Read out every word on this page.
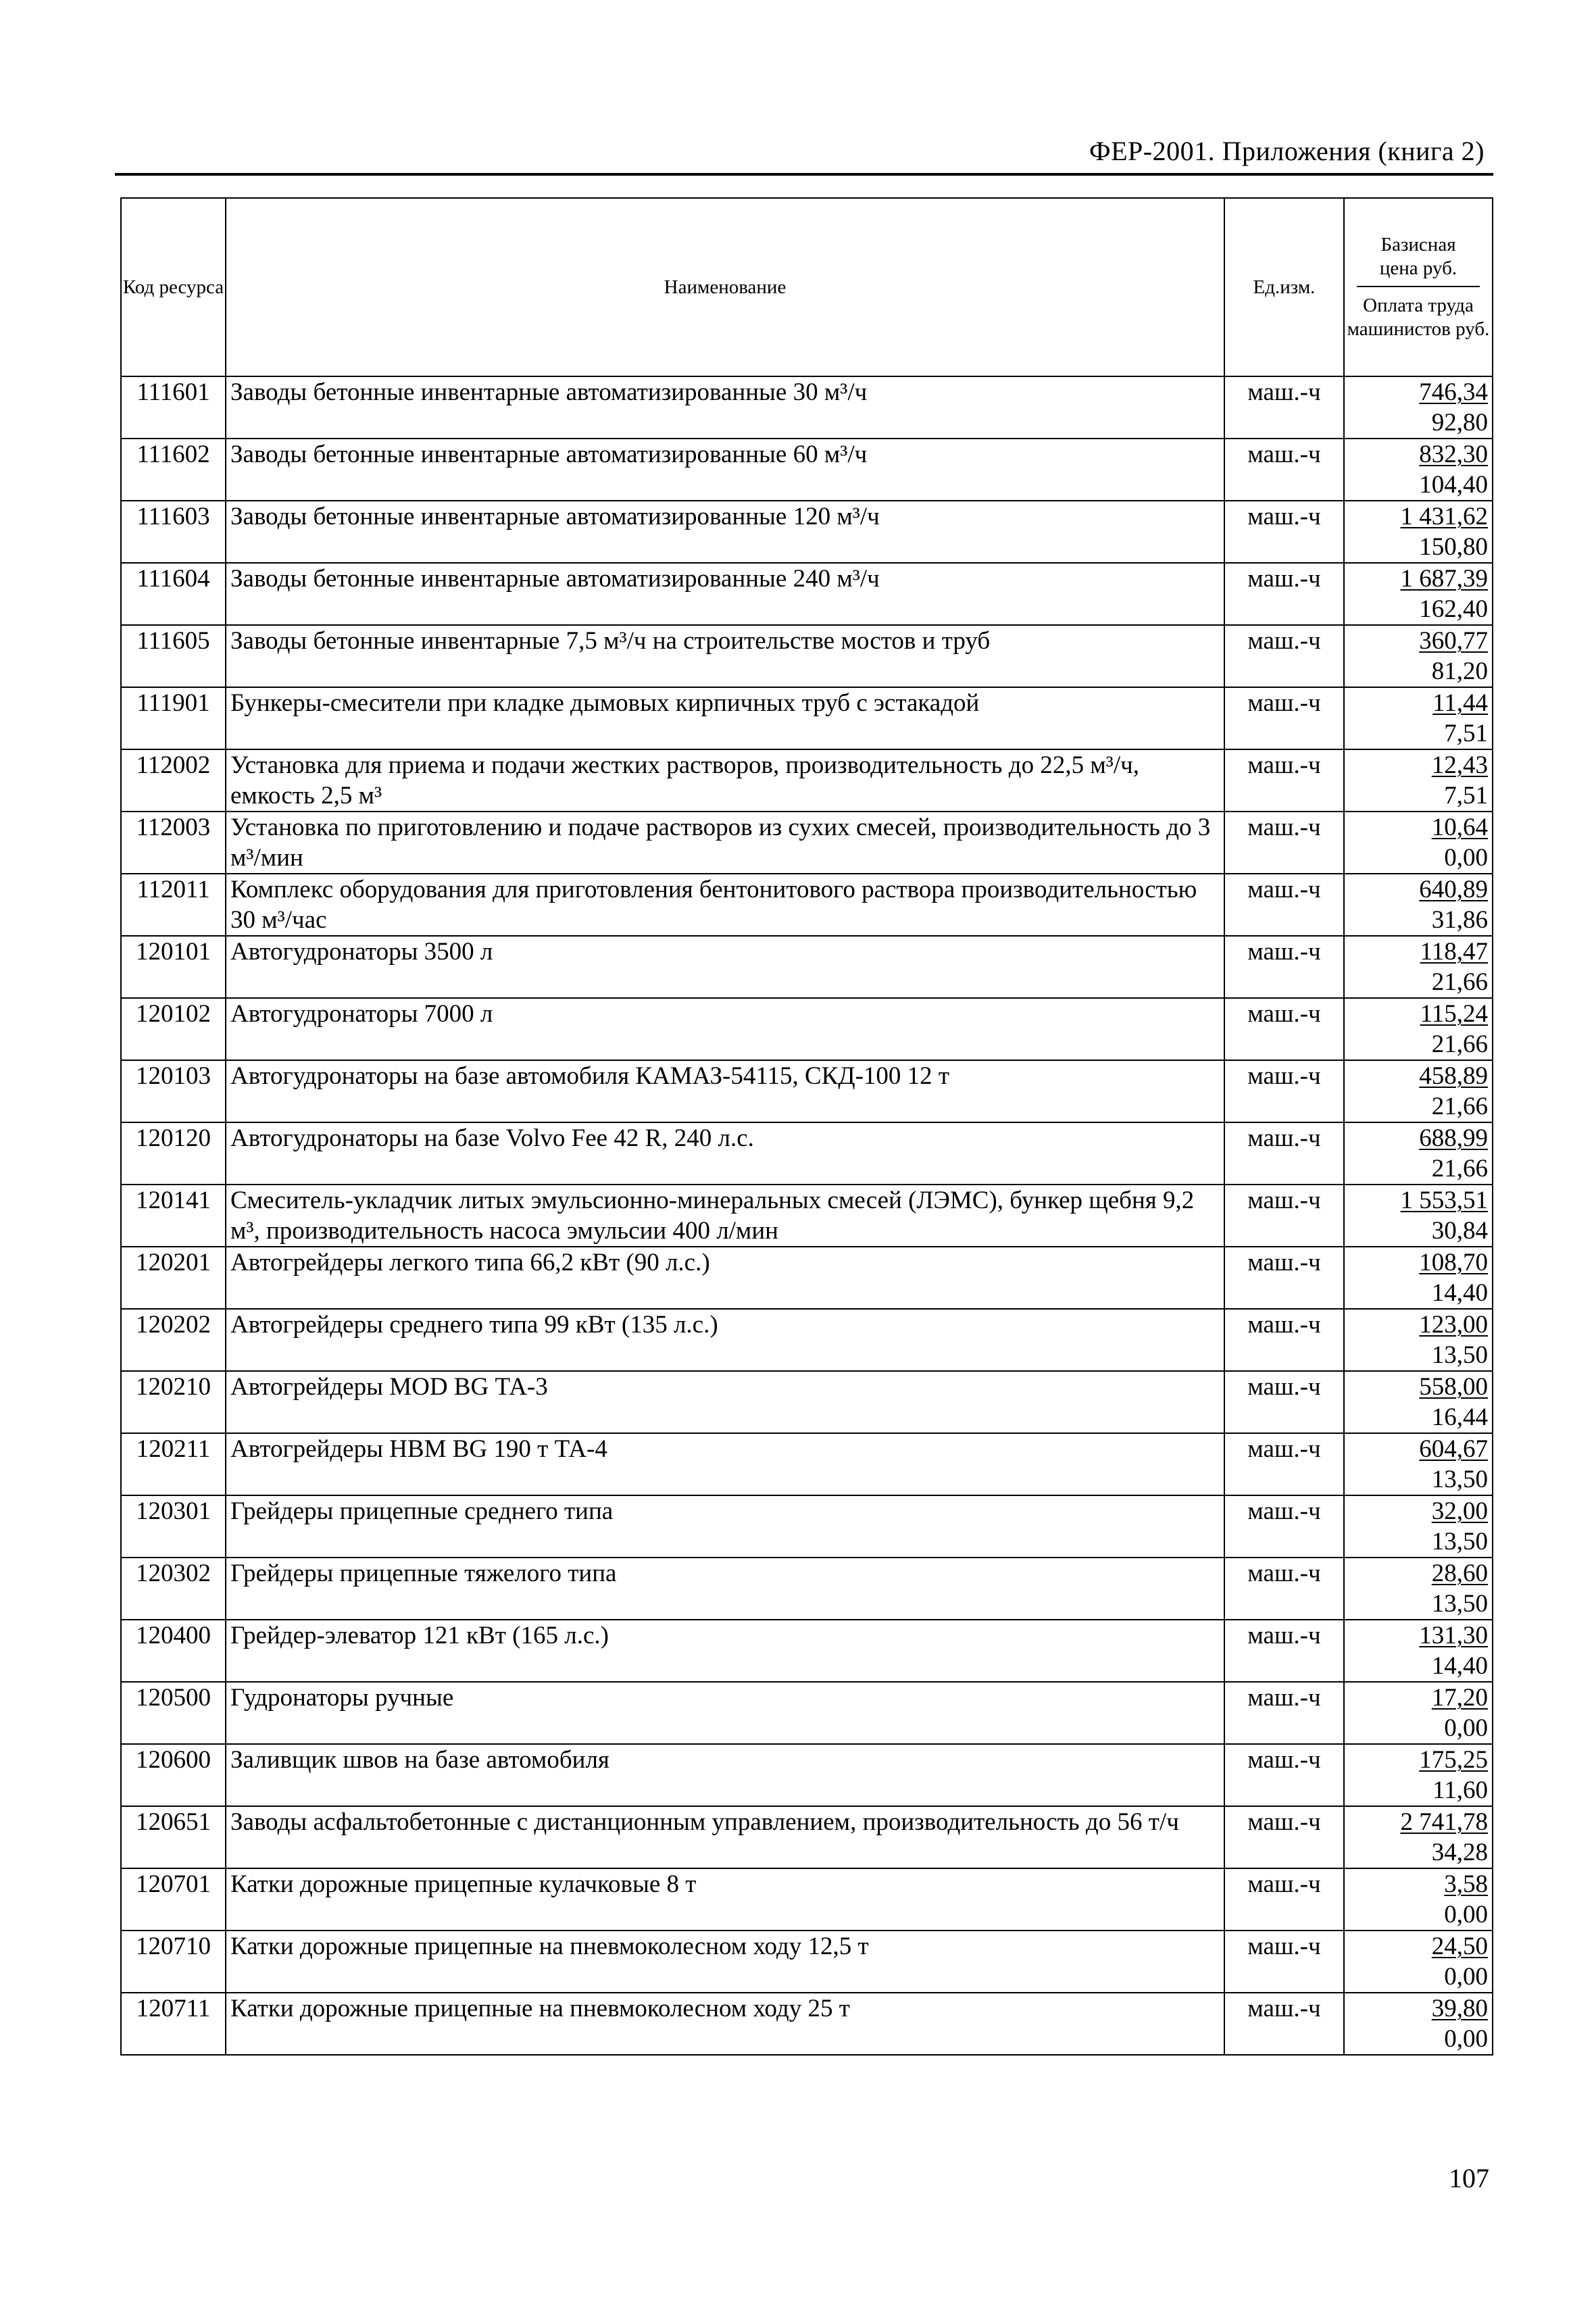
ФЕР-2001. Приложения (книга 2)
Код ресурса	Наименование	Ед.изм.	Базисная цена руб.
Оплата труда машинистов руб.

111601	Заводы бетонные инвентарные автоматизированные 30 м³/ч	маш.-ч	746,34
92,80

111602	Заводы бетонные инвентарные автоматизированные 60 м³/ч	маш.-ч	832,30
104,40

111603	Заводы бетонные инвентарные автоматизированные 120 м³/ч	маш.-ч	1 431,62
150,80

111604	Заводы бетонные инвентарные автоматизированные 240 м³/ч	маш.-ч	1 687,39
162,40

111605	Заводы бетонные инвентарные 7,5 м³/ч на строительстве мостов и труб	маш.-ч	360,77
81,20

111901	Бункеры-смесители при кладке дымовых кирпичных труб с эстакадой	маш.-ч	11,44
7,51

112002	Установка для приема и подачи жестких растворов, производительность до 22,5 м³/ч, емкость 2,5 м³	маш.-ч	12,43
7,51

112003	Установка по приготовлению и подаче растворов из сухих смесей, производительность до 3 м³/мин	маш.-ч	10,64
0,00

112011	Комплекс оборудования для приготовления бентонитового раствора производительностью 30 м³/час	маш.-ч	640,89
31,86

120101	Автогудронаторы 3500 л	маш.-ч	118,47
21,66

120102	Автогудронаторы 7000 л	маш.-ч	115,24
21,66

120103	Автогудронаторы на базе автомобиля КАМАЗ-54115, СКД-100 12 т	маш.-ч	458,89
21,66

120120	Автогудронаторы на базе Volvo Fee 42 R, 240 л.с.	маш.-ч	688,99
21,66

120141	Смеситель-укладчик литых эмульсионно-минеральных смесей (ЛЭМС), бункер щебня 9,2 м³, производительность насоса эмульсии 400 л/мин	маш.-ч	1 553,51
30,84

120201	Автогрейдеры легкого типа 66,2 кВт (90 л.с.)	маш.-ч	108,70
14,40

120202	Автогрейдеры среднего типа 99 кВт (135 л.с.)	маш.-ч	123,00
13,50

120210	Автогрейдеры MOD BG ТА-3	маш.-ч	558,00
16,44

120211	Автогрейдеры HBM BG 190 т ТА-4	маш.-ч	604,67
13,50

120301	Грейдеры прицепные среднего типа	маш.-ч	32,00
13,50

120302	Грейдеры прицепные тяжелого типа	маш.-ч	28,60
13,50

120400	Грейдер-элеватор 121 кВт (165 л.с.)	маш.-ч	131,30
14,40

120500	Гудронаторы ручные	маш.-ч	17,20
0,00

120600	Заливщик швов на базе автомобиля	маш.-ч	175,25
11,60

120651	Заводы асфальтобетонные с дистанционным управлением, производительность до 56 т/ч	маш.-ч	2 741,78
34,28

120701	Катки дорожные прицепные кулачковые 8 т	маш.-ч	3,58
0,00

120710	Катки дорожные прицепные на пневмоколесном ходу 12,5 т	маш.-ч	24,50
0,00

120711	Катки дорожные прицепные на пневмоколесном ходу 25 т	маш.-ч	39,80
0,00
107
